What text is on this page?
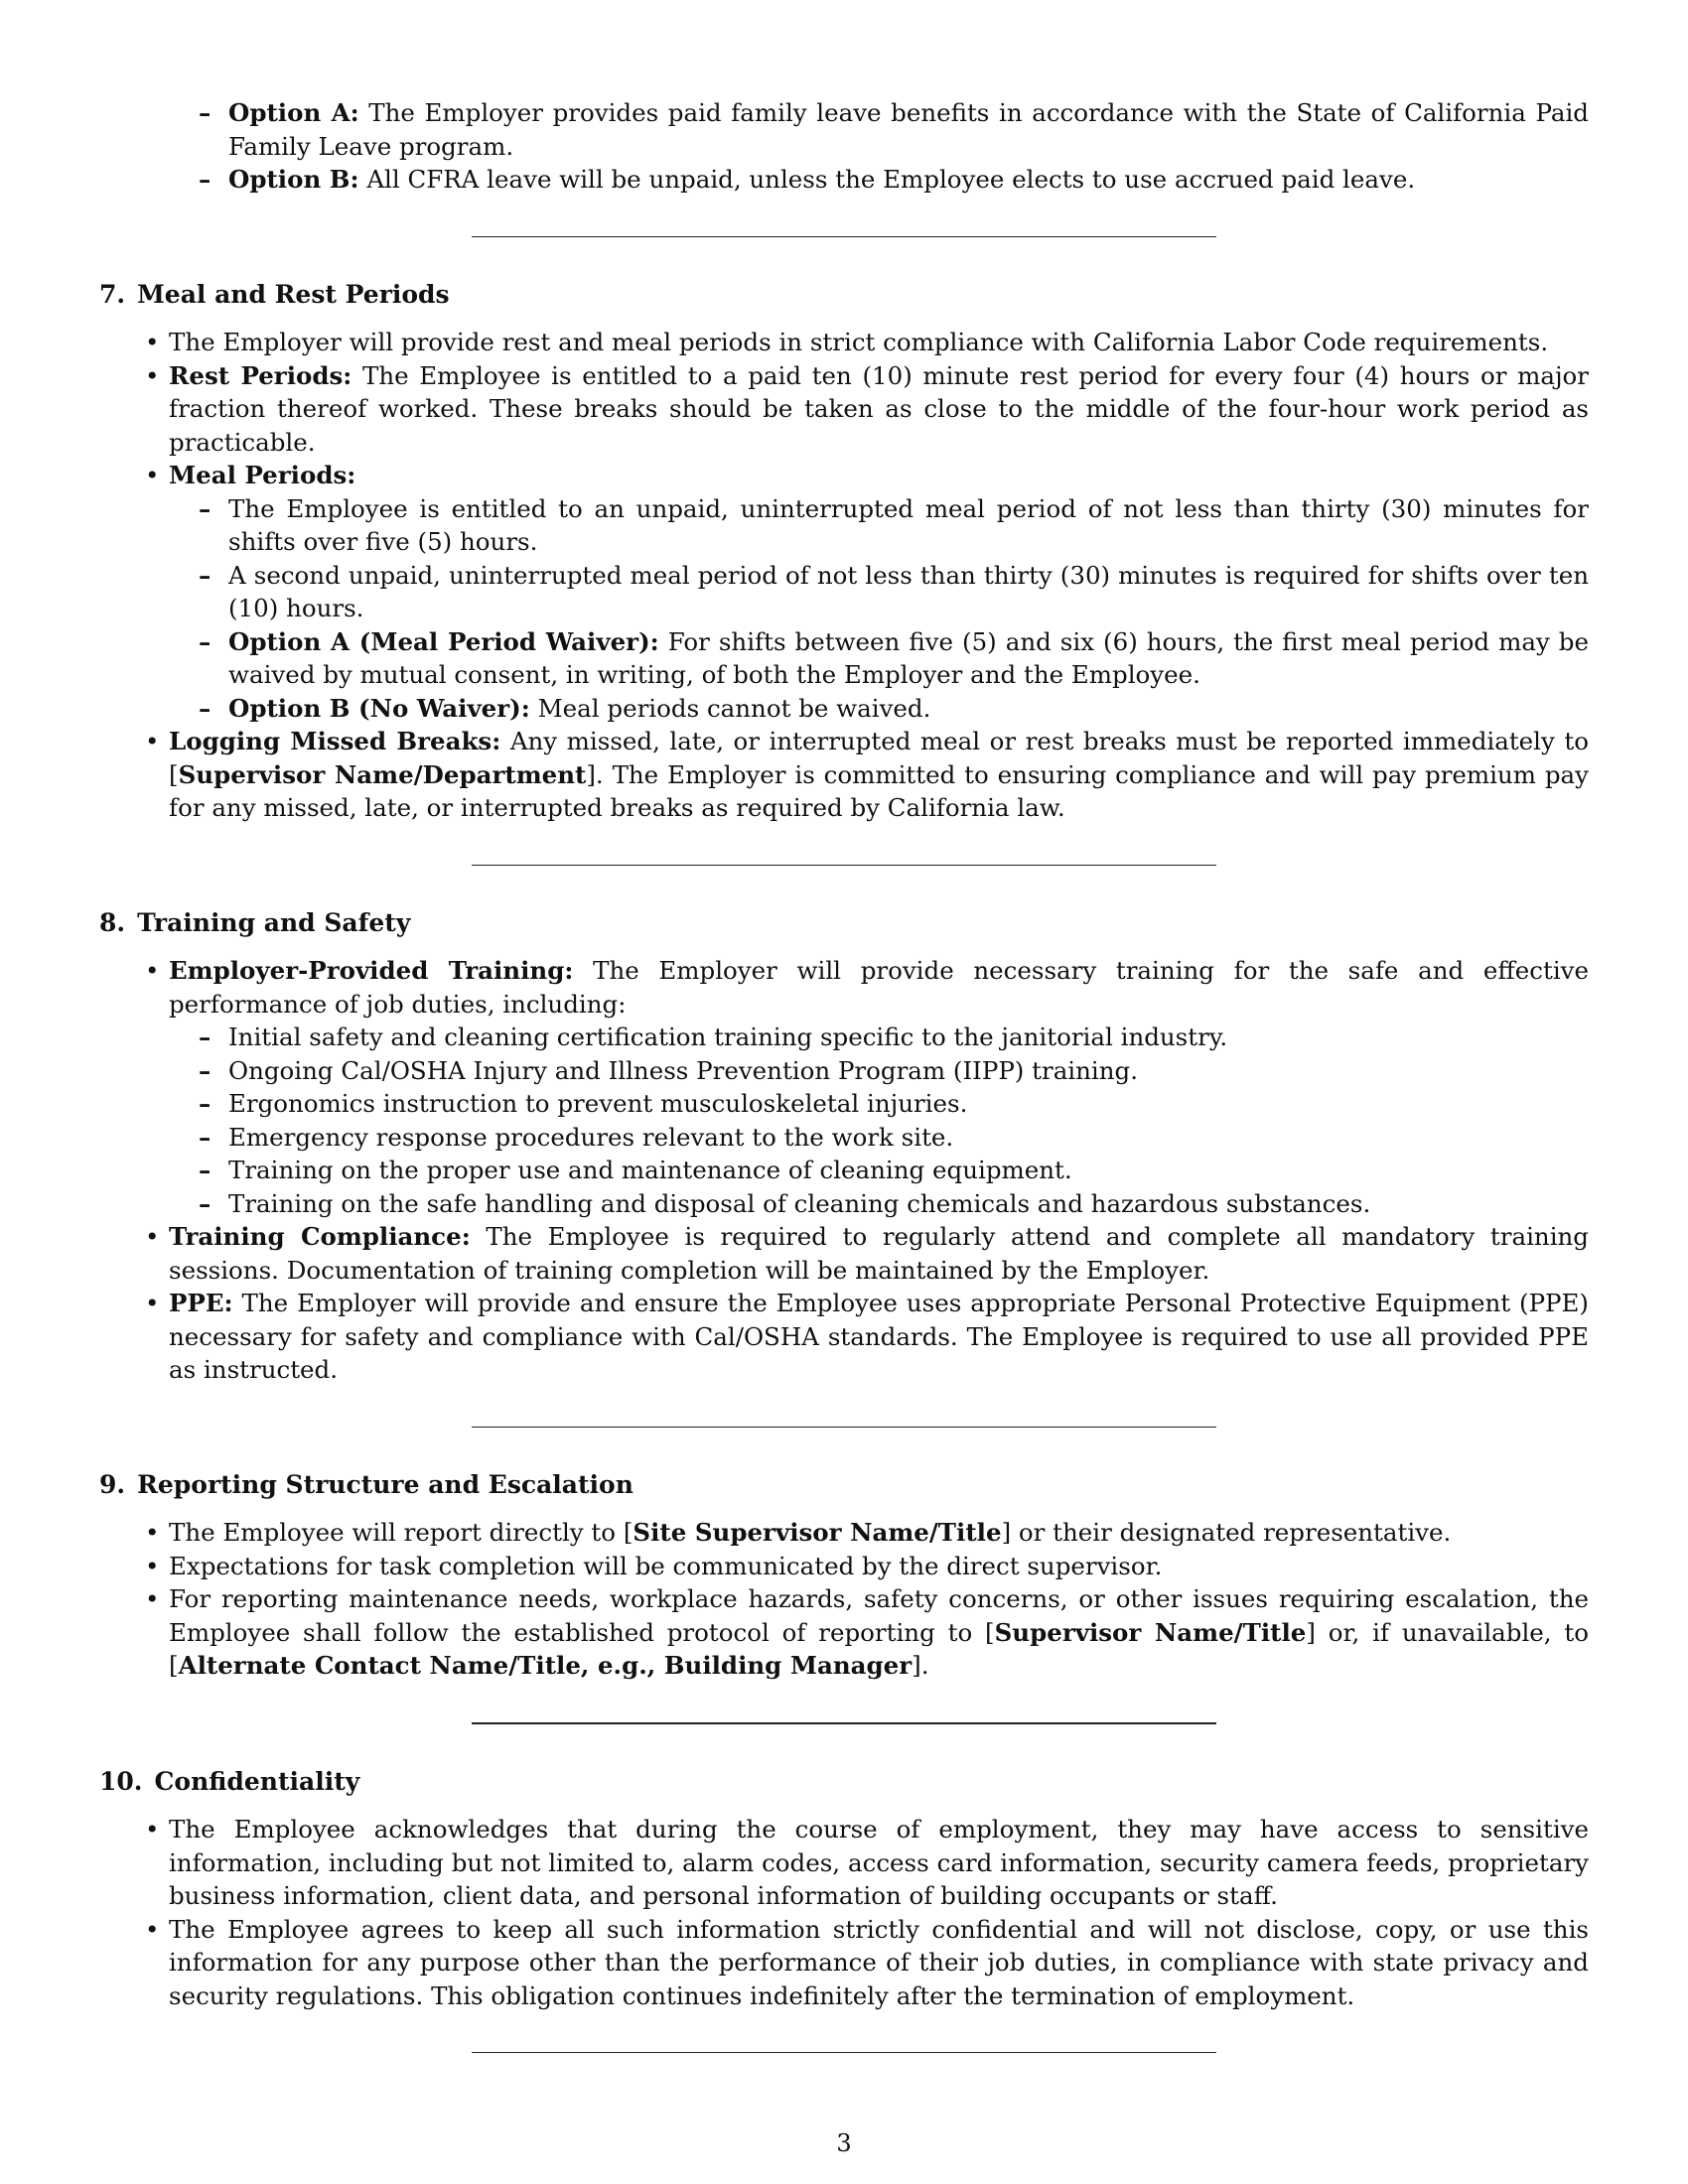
– Option A: The Employer provides paid family leave benefits in accordance with the State of California Paid Family Leave program.
– Option B: All CFRA leave will be unpaid, unless the Employee elects to use accrued paid leave.
7. Meal and Rest Periods
• The Employer will provide rest and meal periods in strict compliance with California Labor Code requirements.
• Rest Periods: The Employee is entitled to a paid ten (10) minute rest period for every four (4) hours or major fraction thereof worked. These breaks should be taken as close to the middle of the four-hour work period as practicable.
• Meal Periods:
– The Employee is entitled to an unpaid, uninterrupted meal period of not less than thirty (30) minutes for shifts over five (5) hours.
– A second unpaid, uninterrupted meal period of not less than thirty (30) minutes is required for shifts over ten (10) hours.
– Option A (Meal Period Waiver): For shifts between five (5) and six (6) hours, the first meal period may be waived by mutual consent, in writing, of both the Employer and the Employee.
– Option B (No Waiver): Meal periods cannot be waived.
• Logging Missed Breaks: Any missed, late, or interrupted meal or rest breaks must be reported immediately to [Supervisor Name/Department]. The Employer is committed to ensuring compliance and will pay premium pay for any missed, late, or interrupted breaks as required by California law.
8. Training and Safety
• Employer-Provided Training: The Employer will provide necessary training for the safe and effective performance of job duties, including:
– Initial safety and cleaning certification training specific to the janitorial industry.
– Ongoing Cal/OSHA Injury and Illness Prevention Program (IIPP) training.
– Ergonomics instruction to prevent musculoskeletal injuries.
– Emergency response procedures relevant to the work site.
– Training on the proper use and maintenance of cleaning equipment.
– Training on the safe handling and disposal of cleaning chemicals and hazardous substances.
• Training Compliance: The Employee is required to regularly attend and complete all mandatory training sessions. Documentation of training completion will be maintained by the Employer.
• PPE: The Employer will provide and ensure the Employee uses appropriate Personal Protective Equipment (PPE) necessary for safety and compliance with Cal/OSHA standards. The Employee is required to use all provided PPE as instructed.
9. Reporting Structure and Escalation
• The Employee will report directly to [Site Supervisor Name/Title] or their designated representative.
• Expectations for task completion will be communicated by the direct supervisor.
• For reporting maintenance needs, workplace hazards, safety concerns, or other issues requiring escalation, the Employee shall follow the established protocol of reporting to [Supervisor Name/Title] or, if unavailable, to [Alternate Contact Name/Title, e.g., Building Manager].
10. Confidentiality
• The Employee acknowledges that during the course of employment, they may have access to sensitive information, including but not limited to, alarm codes, access card information, security camera feeds, proprietary business information, client data, and personal information of building occupants or staff.
• The Employee agrees to keep all such information strictly confidential and will not disclose, copy, or use this information for any purpose other than the performance of their job duties, in compliance with state privacy and security regulations. This obligation continues indefinitely after the termination of employment.
3
